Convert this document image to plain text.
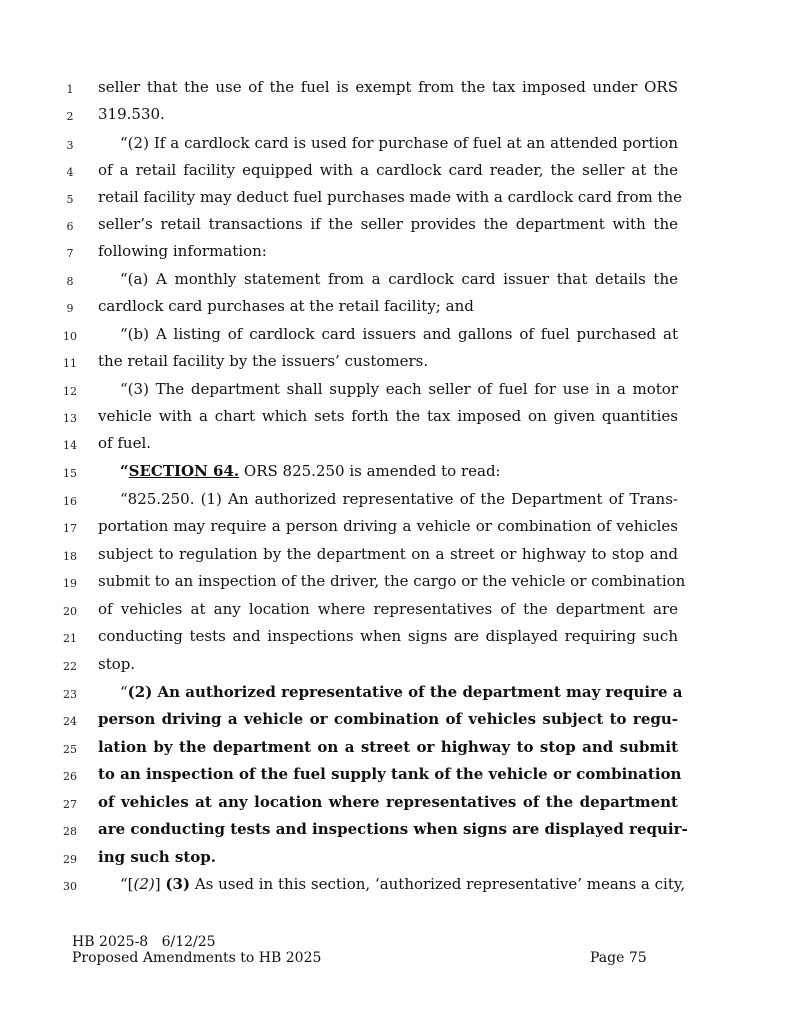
1	seller that the use of the fuel is exempt from the tax imposed under ORS
2	319.530.
3	“(2) If a cardlock card is used for purchase of fuel at an attended portion
4	of a retail facility equipped with a cardlock card reader, the seller at the
5	retail facility may deduct fuel purchases made with a cardlock card from the
6	seller’s retail transactions if the seller provides the department with the
7	following information:
8	“(a) A monthly statement from a cardlock card issuer that details the
9	cardlock card purchases at the retail facility; and
10	“(b) A listing of cardlock card issuers and gallons of fuel purchased at
11	the retail facility by the issuers’ customers.
12	“(3) The department shall supply each seller of fuel for use in a motor
13	vehicle with a chart which sets forth the tax imposed on given quantities
14	of fuel.
15	“SECTION 64. ORS 825.250 is amended to read:
16	“825.250. (1) An authorized representative of the Department of Trans-
17	portation may require a person driving a vehicle or combination of vehicles
18	subject to regulation by the department on a street or highway to stop and
19	submit to an inspection of the driver, the cargo or the vehicle or combination
20	of vehicles at any location where representatives of the department are
21	conducting tests and inspections when signs are displayed requiring such
22	stop.
23	“(2) An authorized representative of the department may require a
24	person driving a vehicle or combination of vehicles subject to regu-
25	lation by the department on a street or highway to stop and submit
26	to an inspection of the fuel supply tank of the vehicle or combination
27	of vehicles at any location where representatives of the department
28	are conducting tests and inspections when signs are displayed requir-
29	ing such stop.
30	“[(2)] (3) As used in this section, ‘authorized representative’ means a city,
HB 2025-8   6/12/25
Proposed Amendments to HB 2025	Page 75
